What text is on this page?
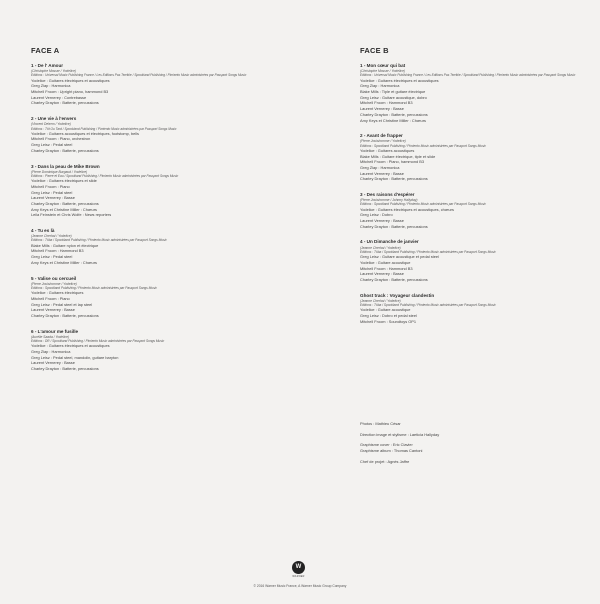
FACE A
1 - De l' Amour
(Christophe Mosser / Yodelice)
Editions : Universal Music Publishing France / Les Editions Pas Terrible / Spookland Publishing / Pimiento Music administrées par Passport Songs Music
Yodelice : Guitares électriques et acoustiques
Greg Zlap : Harmonica
Mitchell Froom : Upright piano, hammond B3
Laurent Vernerey : Contrebasse
Charley Drayton : Batterie, percussions
2 - Une vie à l'envers
(Vincent Delerm / Yodelice)
Editions : Tôt Ou Tard / Spookland Publishing / Pimiento Music administrées par Passport Songs Music
Yodelice : Guitares acoustiques et électriques, footstomp, bells
Mitchell Froom : Piano, orchestron
Greg Leisz : Pedal steel
Charley Drayton : Batterie, percussions
3 - Dans la peau de Mike Brown
(Pierre Dominique Burgaud / Yodelice)
Editions : Pierre et Eau / Spookland Publishing / Pimiento Music administrées par Passport Songs Music
Yodelice : Guitares électriques et slide
Mitchell Froom : Piano
Greg Leisz : Pedal steel
Laurent Vernerey : Basse
Charley Drayton : Batterie, percussions
Amy Keys et Christine Miller : Chœurs
Leila Feinstein et Chris Wolfe : News reporters
4 - Tu es là
(Jeanne Cherhal / Yodelice)
Editions : Tôba / Spookland Publishing / Pimiento Music administrées par Passport Songs Music
Blake Mills : Guitare nylon et électrique
Mitchell Froom : Hammond B3
Greg Leisz : Pedal steel
Amy Keys et Christine Miller : Chœurs
5 - Valise ou cercueil
(Pierre Jouishomme / Yodelice)
Editions : Spookland Publishing / Pimiento Music administrées par Passport Songs Music
Yodelice : Guitares électriques
Mitchell Froom : Piano
Greg Leisz : Pedal steel et lap steel
Laurent Vernerey : Basse
Charley Drayton : Batterie, percussions
6 - L'amour me fusille
(Aurélie Saada / Yodelice)
Editions : DR / Spookland Publishing / Pimiento Music administrées par Passport Songs Music
Yodelice : Guitares électriques et acoustiques
Greg Zlap : Harmonica
Greg Leisz : Pedal steel, mandolin, guitare baryton
Laurent Vernerey : Basse
Charley Drayton : Batterie, percussions
FACE B
1 - Mon cœur qui bat
(Christophe Mosser / Yodelice)
Editions : Universal Music Publishing France / Les Editions Pas Terrible / Spookland Publishing / Pimiento Music administrées par Passport Songs Music
Yodelice : Guitares électriques et acoustiques
Greg Zlap : Harmonica
Blake Mills : Tiple et guitare électrique
Greg Leisz : Guitare acoustique, dobro
Mitchell Froom : Hammond B3
Laurent Vernerey : Basse
Charley Drayton : Batterie, percussions
Amy Keys et Christine Miller : Chœurs
2 - Avant de frapper
(Pierre Jouishomme / Yodelice)
Editions : Spookland Publishing / Pimiento Music administrées par Passport Songs Music
Yodelice : Guitares acoustiques
Blake Mills : Guitare électrique, tiple et slide
Mitchell Froom : Piano, hammond B3
Greg Zlap : Harmonica
Laurent Vernerey : Basse
Charley Drayton : Batterie, percussions
3 - Des raisons d'espérer
(Pierre Jouishomme / Johnny Hallyday)
Editions : Spookland Publishing / Pimiento Music administrées par Passport Songs Music
Yodelice : Guitares électriques et acoustiques, chœurs
Greg Leisz : Dobro
Laurent Vernerey : Basse
Charley Drayton : Batterie, percussions
4 - Un Dimanche de janvier
(Jeanne Cherhal / Yodelice)
Editions : Tôba / Spookland Publishing / Pimiento Music administrées par Passport Songs Music
Greg Leisz : Guitare acoustique et pedal steel
Yodelice : Guitare acoustique
Mitchell Froom : Hammond B3
Laurent Vernerey : Basse
Charley Drayton : Batterie, percussions
Ghost track : Voyageur clandestin
(Jeanne Cherhal / Yodelice)
Editions : Tôba / Spookland Publishing / Pimiento Music administrées par Passport Songs Music
Yodelice : Guitare acoustique
Greg Leisz : Dobro et pedal steel
Mitchell Froom : Soundtoys OP1
Photos : Mathieu César
Direction image et stylisme : Laeticia Hallyday
Graphisme cover : Eric Clavier
Graphisme album : Thomas Cantoni
Chef de projet : Agnès Jaffre
W
WARNER
© 2016 Warner Music France, A Warner Music Group Company
